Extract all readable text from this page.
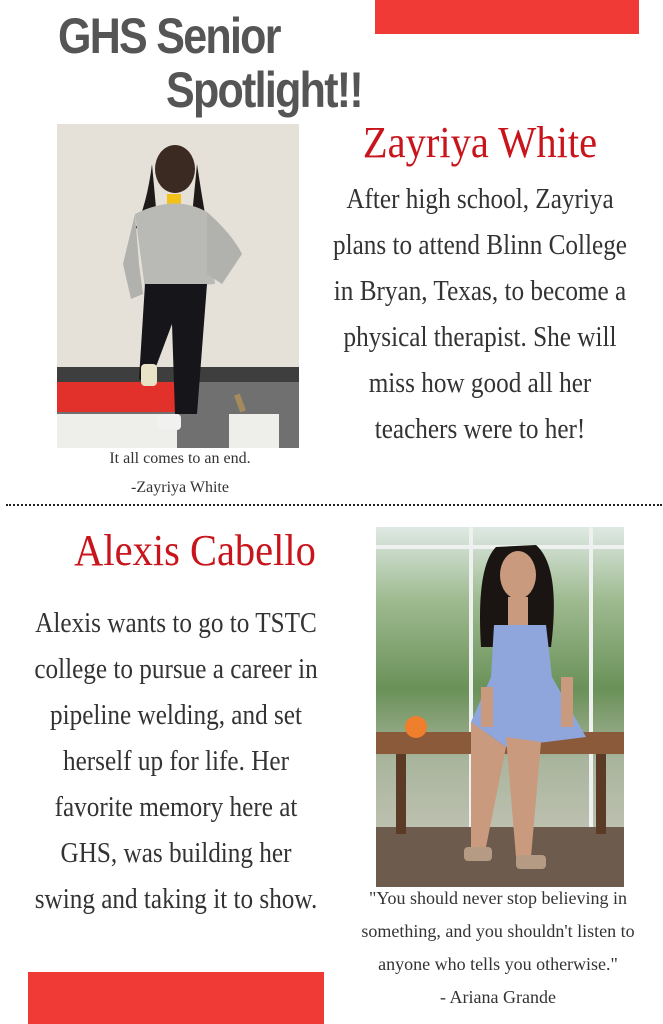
GHS Senior

Spotlight!!

Zayriya White

After high school, Zayriya

plans to attend Blinn College

in Bryan, Texas, to become a

physical therapist. She will

miss how good all her

teachers were to her!

It all comes to an end.

-Zayriya White

Alexis Cabello

Alexis wants to go to TSTC

college to pursue a career in

pipeline welding, and set

herself up for life. Her

favorite memory here at

GHS, was building her

swing and taking it to show.	"You should never stop believing in

something, and you shouldn't listen to

anyone who tells you otherwise."

- Ariana Grande
